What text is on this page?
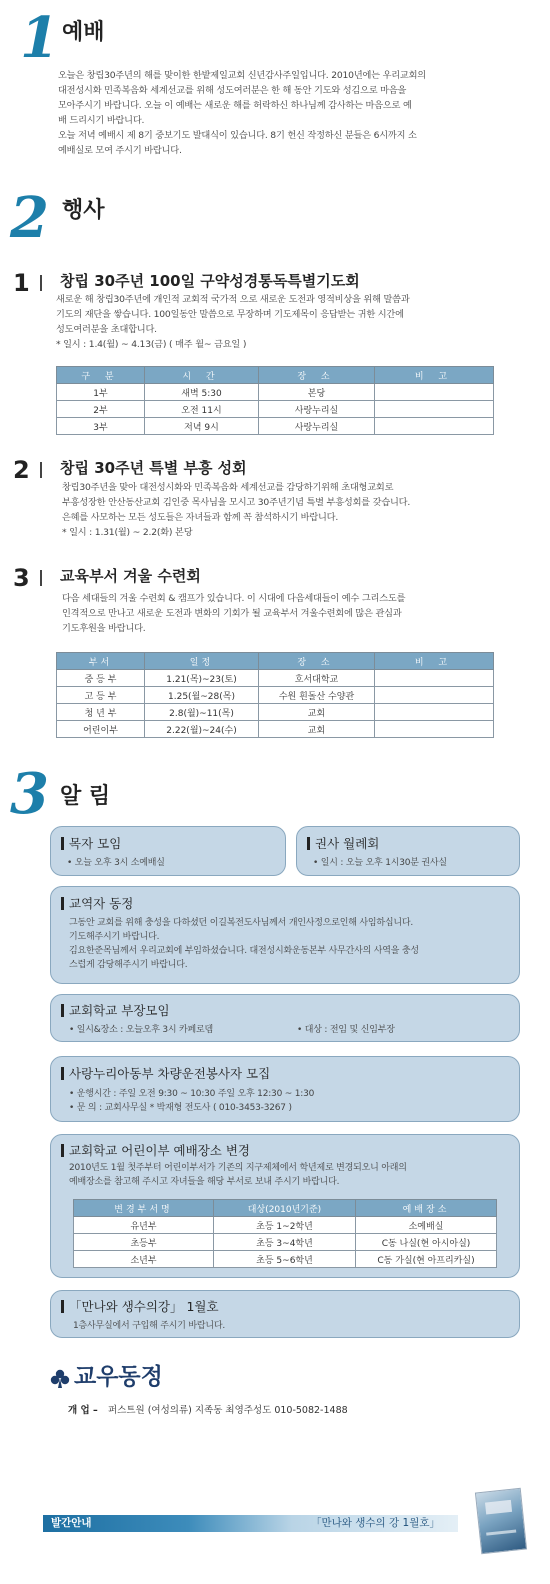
1 예배
오늘은 창립30주년의 해를 맞이한 한밭제일교회 신년감사주일입니다. 2010년에는 우리교회의
대전성시화 민족복음화 세계선교를 위해 성도여러분은 한 해 동안 기도와 성김으로 마음을
모아주시기 바랍니다. 오늘 이 예배는 새로운 해를 허락하신 하나님께 감사하는 마음으로 예
배 드리시기 바랍니다.
오늘 저녁 예배시 제 8기 중보기도 발대식이 있습니다. 8기 헌신 작정하신 분들은 6시까지 소
예배실로 모여 주시기 바랍니다.
2 행사
1 창립 30주년 100일 구약성경통독특별기도회
새로운 해 창립30주년에 개인적 교회적 국가적 으로 새로운 도전과 영적비상을 위해 말씀과
기도의 재단을 쌓습니다. 100일동안 말씀으로 무장하며 기도제목이 응답받는 귀한 시간에
성도여러분을 초대합니다.
* 일시 : 1.4(월) ~ 4.13(금) ( 매주 월~ 금요일 )
구 분	시 간	장 소	비 고
1부	새벽 5:30	본당	
2부	오전 11시	사랑누리실	
3부	저녁 9시	사랑누리실	
2 창립 30주년 특별 부흥 성회
창립30주년을 맞아 대전성시화와 민족복음화 세계선교를 감당하기위해 초대형교회로
부흥성장한 안산동산교회 김인중 목사님을 모시고 30주년기념 특별 부흥성회를 갖습니다.
은혜를 사모하는 모든 성도들은 자녀들과 함께 꼭 참석하시기 바랍니다.
* 일시 : 1.31(월) ~ 2.2(화) 본당
3 교육부서 겨울 수련회
다음 세대들의 겨울 수련회 & 캠프가 있습니다. 이 시대에 다음세대들이 예수 그리스도를
인격적으로 만나고 새로운 도전과 변화의 기회가 될 교육부서 겨울수련회에 많은 관심과
기도후원을 바랍니다.
부서	일정	장 소	비 고
중 등 부	1.21(목)~23(토)	호서대학교	
고 등 부	1.25(월~28(목)	수원 흰돌산 수양관	
청 년 부	2.8(월)~11(목)	교회	
어린이부	2.22(월)~24(수)	교회	
3 알 림
목자 모임
• 오늘 오후 3시 소예배실
권사 월례회
• 일시 : 오늘 오후 1시30분 권사실
교역자 동정
그동안 교회를 위해 충성을 다하셨던 이길복전도사님께서 개인사정으로인해 사임하십니다.
기도해주시기 바랍니다.
김요한준목님께서 우리교회에 부임하셨습니다. 대전성시화운동본부 사무간사의 사역을 충성
스럽게 감당해주시기 바랍니다.
교회학교 부장모임
• 일시&장소 : 오늘오후 3시 카페로뎀	• 대상 : 전임 및 신임부장
사랑누리아동부 차량운전봉사자 모집
• 운행시간 : 주일 오전 9:30 ~ 10:30 주일 오후 12:30 ~ 1:30
• 문 의 : 교회사무실 * 박재형 전도사 ( 010-3453-3267 )
교회학교 어린이부 예배장소 변경
2010년도 1월 첫주부터 어린이부서가 기존의 지구제체에서 학년제로 변경되오니 아래의
예배장소를 참고해 주시고 자녀들을 해당 부서로 보내 주시기 바랍니다.
변경부서명	대상(2010년기준)	예배장소
유년부	초등 1~2학년	소예배실
초등부	초등 3~4학년	C동 나실(현 아시아실)
소년부	초등 5~6학년	C동 가실(현 아프리카실)
「만나와 생수의강」 1월호
1층사무실에서 구입해 주시기 바랍니다.
교우동정
개 업 – 퍼스트원 (여성의류) 지족동 최영주성도 010-5082-1488
발간안내	「만나와 생수의 강 1월호」
